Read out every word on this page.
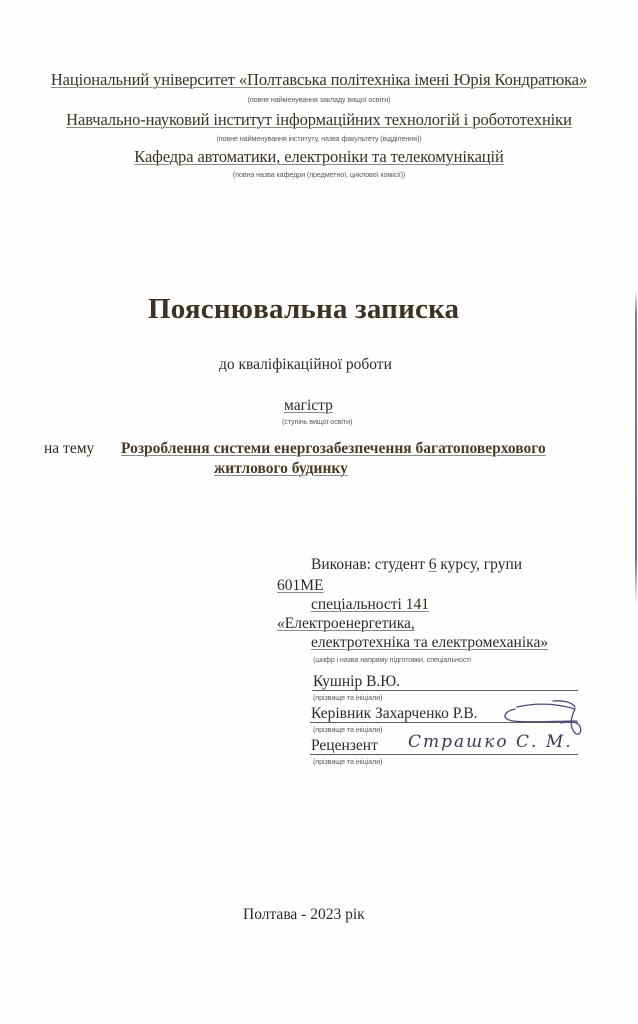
Національний університет «Полтавська політехніка імені Юрія Кондратюка»
(повне найменування закладу вищої освіти)
Навчально-науковий інститут інформаційних технологій і робототехніки
(повне найменування інституту, назва факультету (відділення))
Кафедра автоматики, електроніки та телекомунікацій
(повна назва кафедри (предметної, циклової комісії))
Пояснювальна записка
до кваліфікаційної роботи
магістр
(ступінь вищої освіти)
на тему Розроблення системи енергозабезпечення багатоповерхового
житлового будинку
Виконав: студент 6 курсу, групи
601МЕ
спеціальності 141
«Електроенергетика,
електротехніка та електромеханіка»
(шифр і назва напряму підготовки, спеціальності
Кушнір В.Ю.
(прізвище та ініціали)
Керівник Захарченко Р.В.
(прізвище та ініціали)
Рецензент
(прізвище та ініціали)
Страшко С. М.
Полтава - 2023 рік
